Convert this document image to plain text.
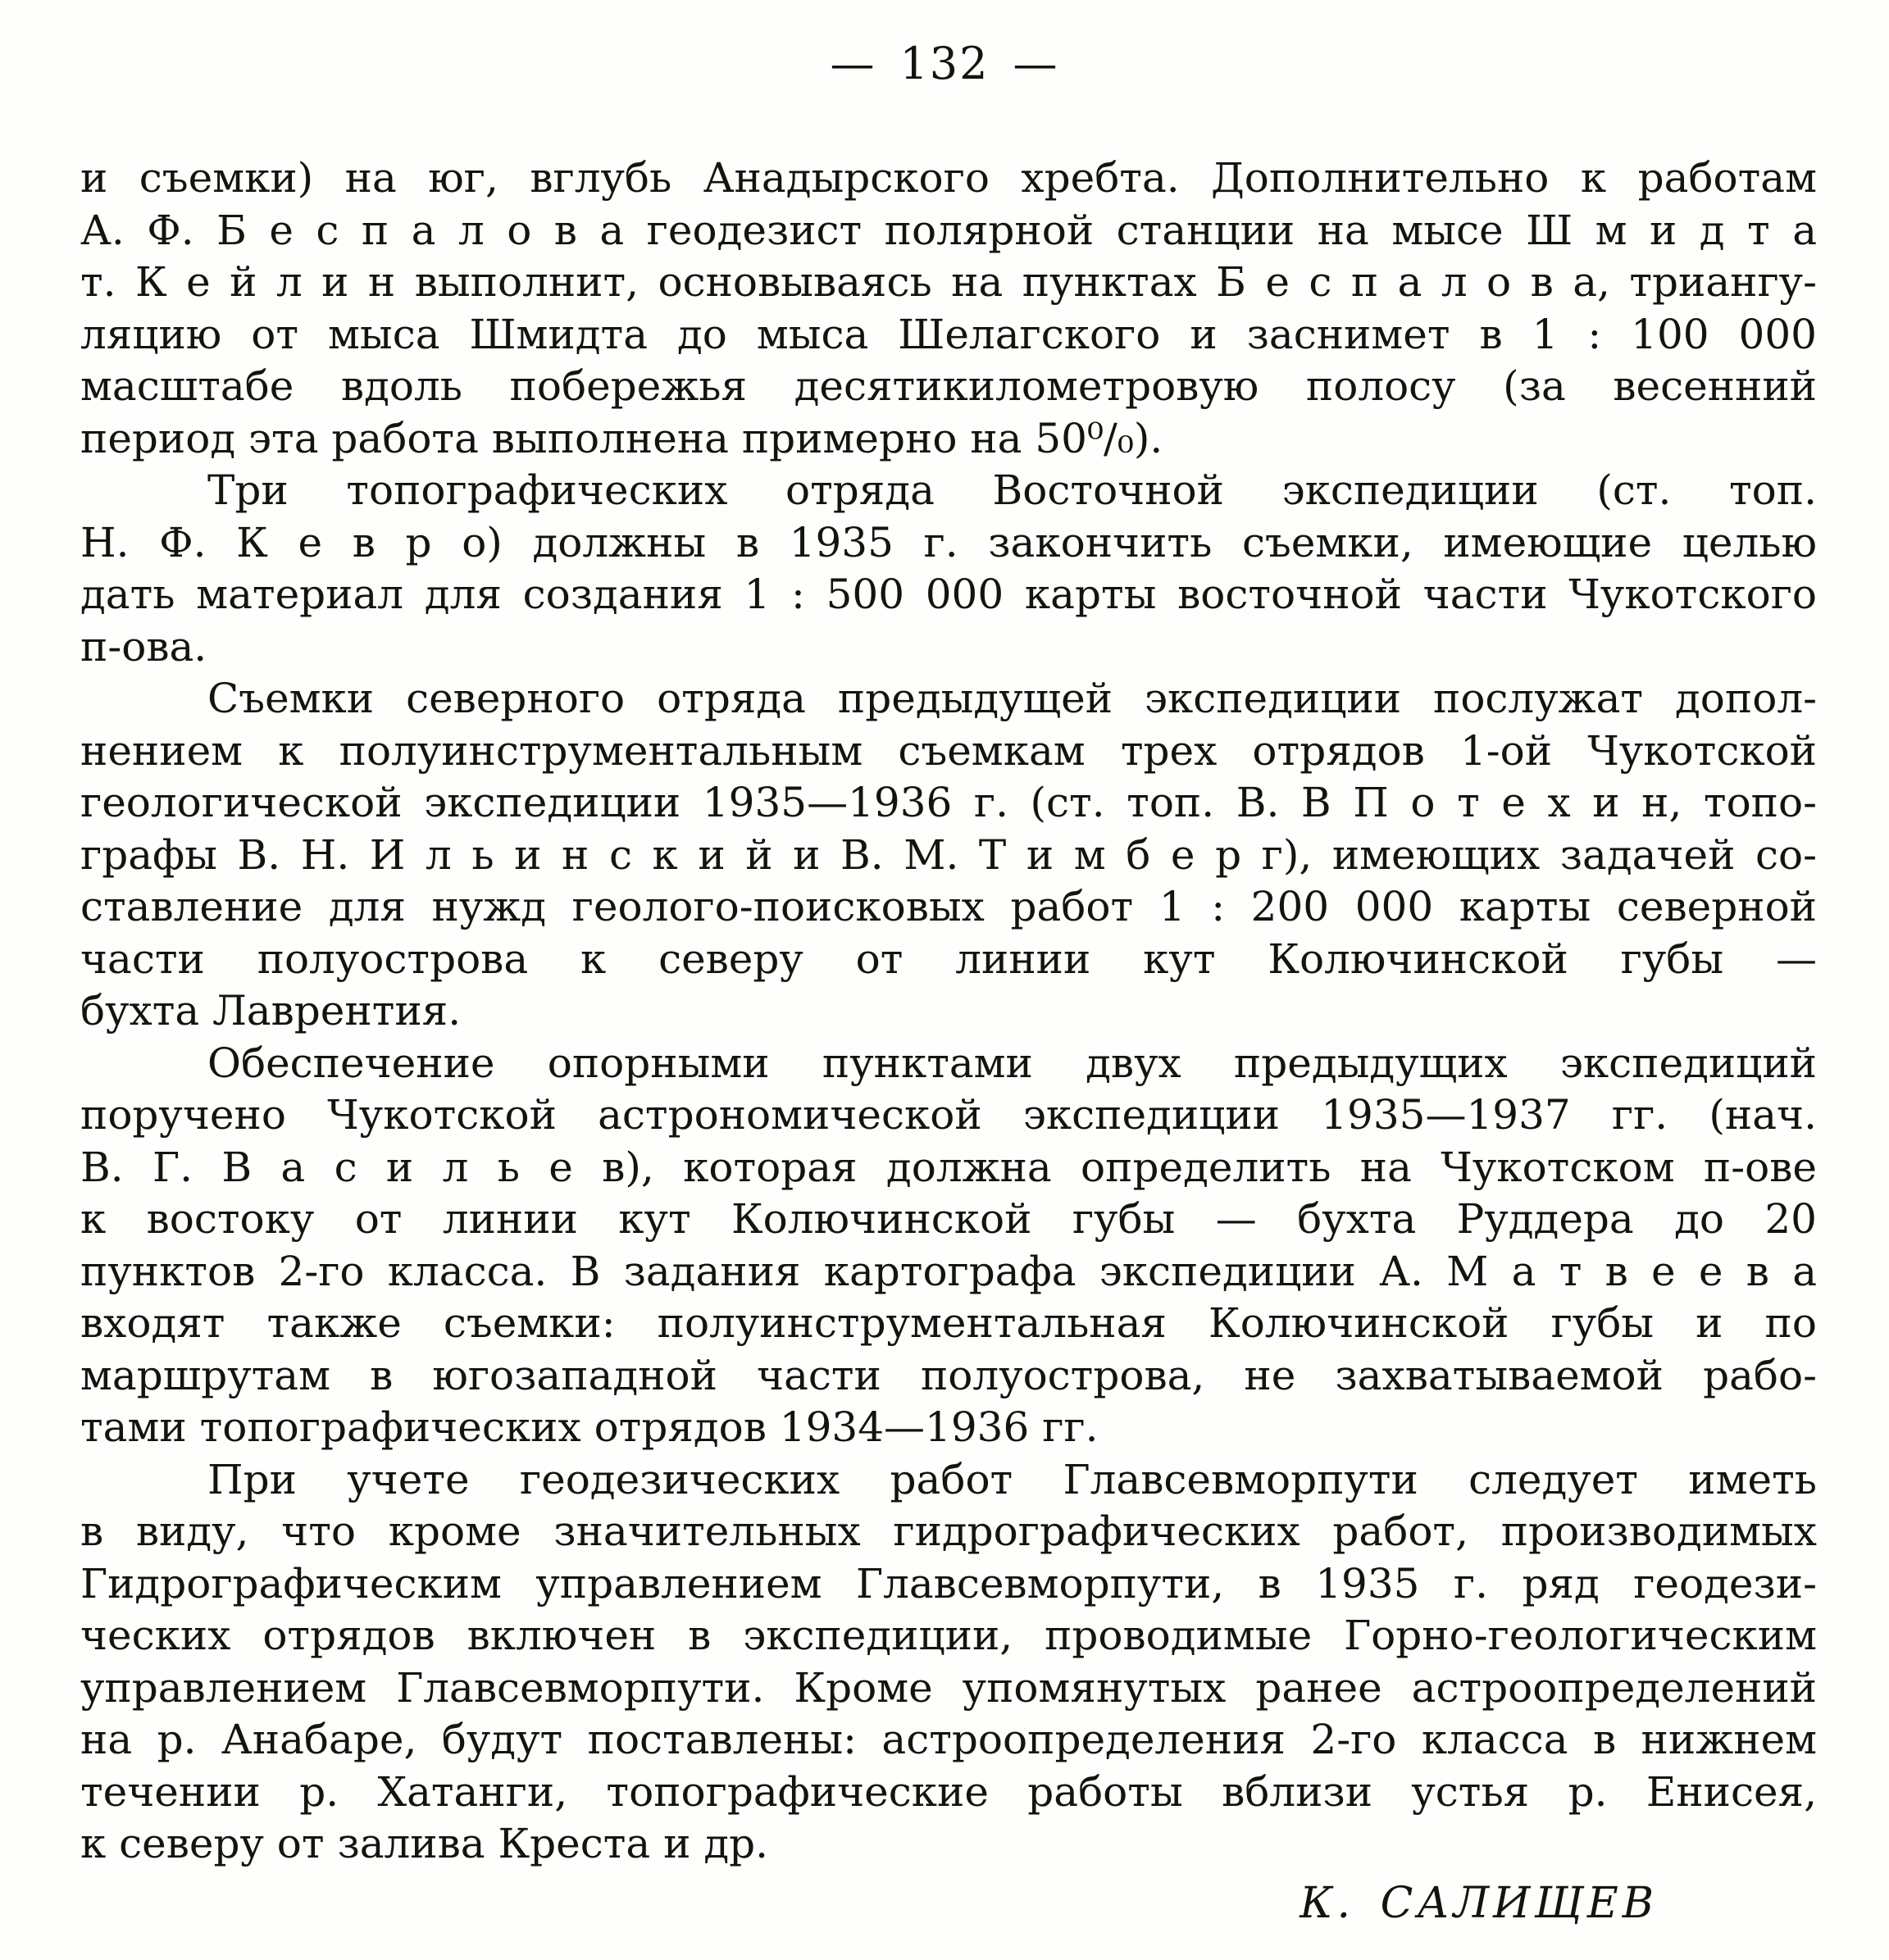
— 132 —
и съемки) на юг, вглубь Анадырского хребта. Дополнительно к работам
А. Ф. Б е с п а л о в а геодезист полярной станции на мысе Ш м и д т а
т. К е й л и н выполнит, основываясь на пунктах Б е с п а л о в а, триангу-
ляцию от мыса Шмидта до мыса Шелагского и заснимет в 1 : 100 000
масштабе вдоль побережья десятикилометровую полосу (за весенний
период эта работа выполнена примерно на 50⁰/₀).
Три топографических отряда Восточной экспедиции (ст. топ.
Н. Ф. К е в р о) должны в 1935 г. закончить съемки, имеющие целью
дать материал для создания 1 : 500 000 карты восточной части Чукотского
п-ова.
Съемки северного отряда предыдущей экспедиции послужат допол-
нением к полуинструментальным съемкам трех отрядов 1-ой Чукотской
геологической экспедиции 1935—1936 г. (ст. топ. В. В П о т е х и н, топо-
графы В. Н. И л ь и н с к и й и В. М. Т и м б е р г), имеющих задачей со-
ставление для нужд геолого-поисковых работ 1 : 200 000 карты северной
части полуострова к северу от линии кут Колючинской губы —
бухта Лаврентия.
Обеспечение опорными пунктами двух предыдущих экспедиций
поручено Чукотской астрономической экспедиции 1935—1937 гг. (нач.
В. Г. В а с и л ь е в), которая должна определить на Чукотском п-ове
к востоку от линии кут Колючинской губы — бухта Руддера до 20
пунктов 2-го класса. В задания картографа экспедиции А. М а т в е е в а
входят также съемки: полуинструментальная Колючинской губы и по
маршрутам в югозападной части полуострова, не захватываемой рабо-
тами топографических отрядов 1934—1936 гг.
При учете геодезических работ Главсевморпути следует иметь
в виду, что кроме значительных гидрографических работ, производимых
Гидрографическим управлением Главсевморпути, в 1935 г. ряд геодези-
ческих отрядов включен в экспедиции, проводимые Горно-геологическим
управлением Главсевморпути. Кроме упомянутых ранее астроопределений
на р. Анабаре, будут поставлены: астроопределения 2-го класса в нижнем
течении р. Хатанги, топографические работы вблизи устья р. Енисея,
к северу от залива Креста и др.
К. САЛИЩЕВ
